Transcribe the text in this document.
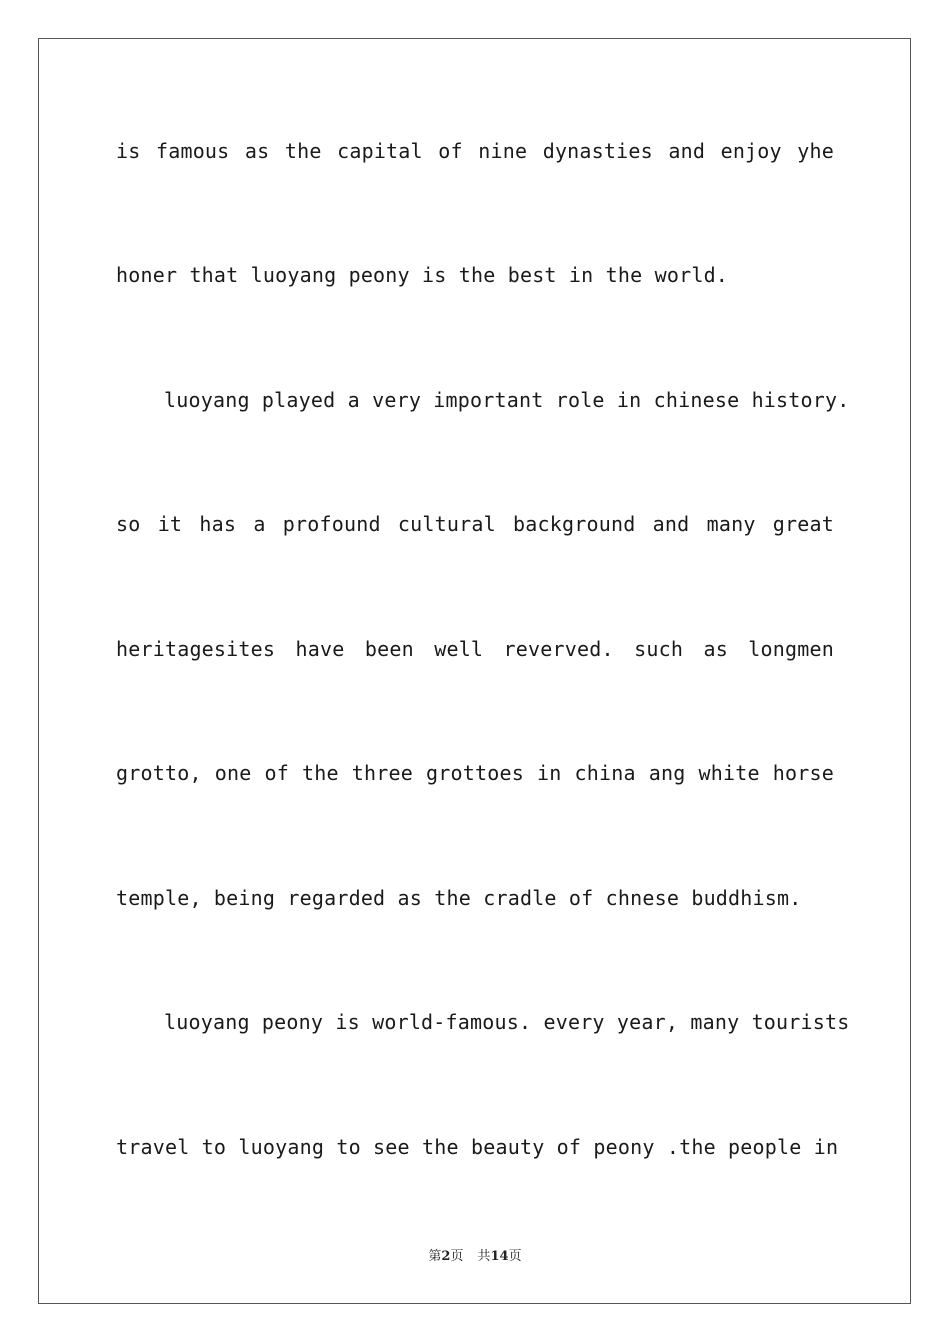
is famous as the capital of nine dynasties and enjoy yhe
honer that luoyang peony is the best in the world.
luoyang played a very important role in chinese history.
so it has a profound cultural background and many great
heritagesites have been well reverved. such as longmen
grotto, one of the three grottoes in china ang white horse
temple, being regarded as the cradle of chnese buddhism.
luoyang peony is world-famous. every year, many tourists
travel to luoyang to see the beauty of peony .the people in
第2页 共14页
